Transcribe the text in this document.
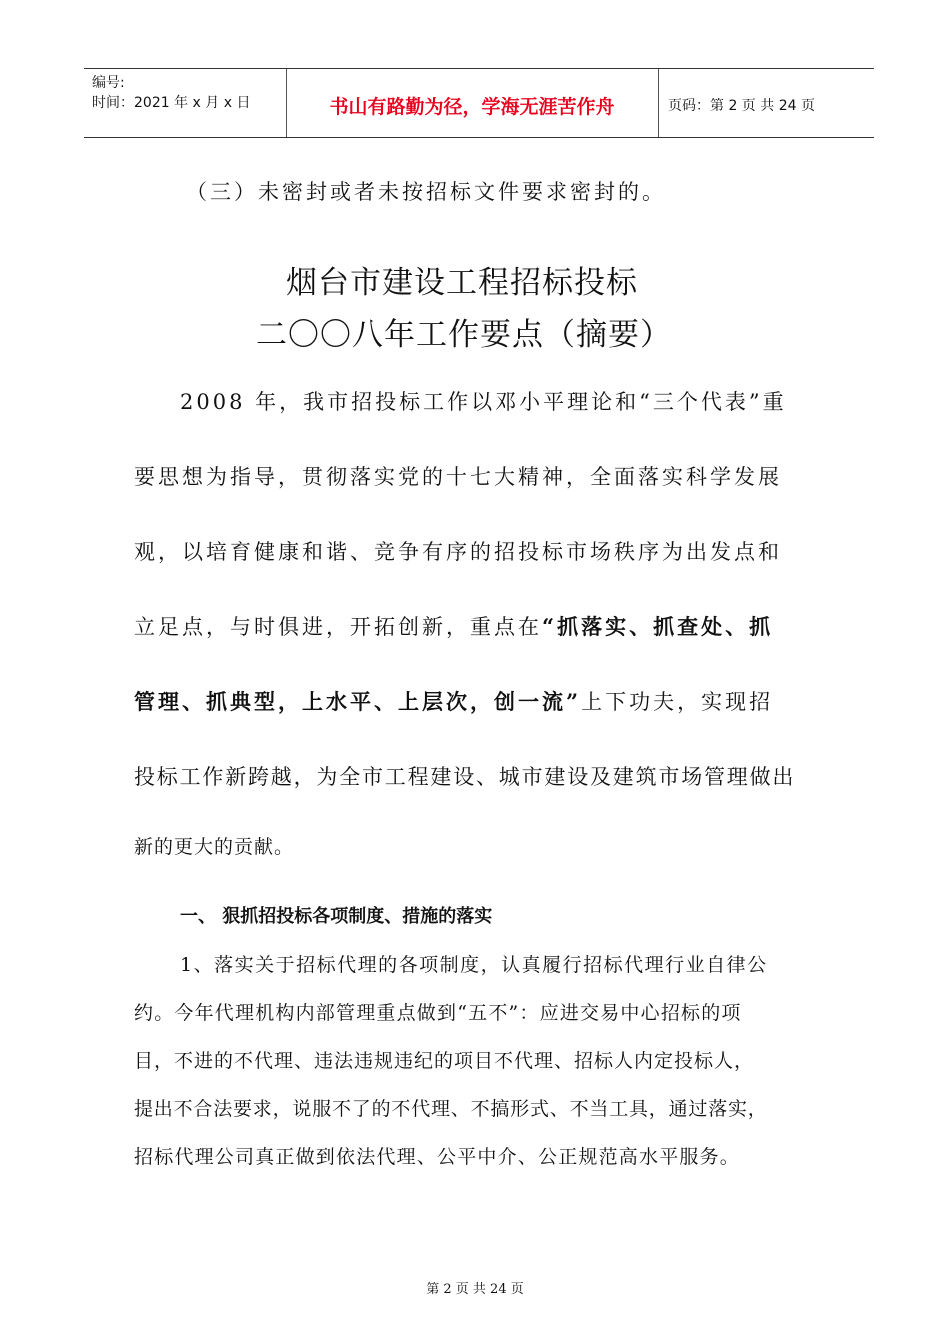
编号:
时间：2021 年 x 月 x 日	书山有路勤为径，学海无涯苦作舟	页码：第 2 页 共 24 页
（三）未密封或者未按招标文件要求密封的。
烟台市建设工程招标投标
二〇〇八年工作要点（摘要）
2008 年，我市招投标工作以邓小平理论和“三个代表”重
要思想为指导，贯彻落实党的十七大精神，全面落实科学发展
观，以培育健康和谐、竞争有序的招投标市场秩序为出发点和
立足点，与时俱进，开拓创新，重点在“抓落实、抓查处、抓
管理、抓典型，上水平、上层次，创一流”上下功夫，实现招
投标工作新跨越，为全市工程建设、城市建设及建筑市场管理做出
新的更大的贡献。
一、 狠抓招投标各项制度、措施的落实
1、落实关于招标代理的各项制度，认真履行招标代理行业自律公
约。今年代理机构内部管理重点做到“五不”：应进交易中心招标的项
目，不进的不代理、违法违规违纪的项目不代理、招标人内定投标人，
提出不合法要求，说服不了的不代理、不搞形式、不当工具，通过落实，
招标代理公司真正做到依法代理、公平中介、公正规范高水平服务。
第 2 页 共 24 页
